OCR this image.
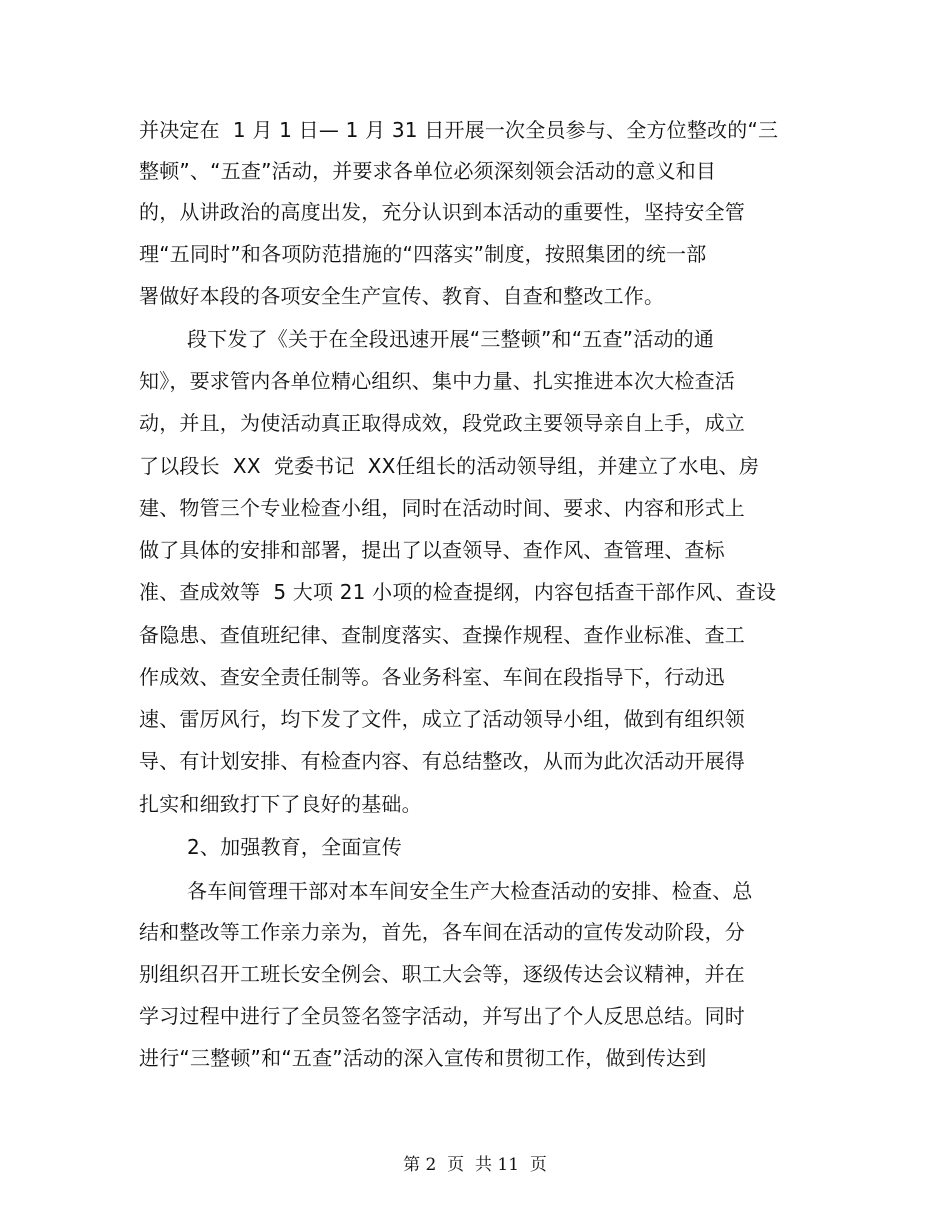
并决定在  1 月 1 日— 1 月 31 日开展一次全员参与、全方位整改的“三
整顿”、“五查”活动，并要求各单位必须深刻领会活动的意义和目
的，从讲政治的高度出发，充分认识到本活动的重要性，坚持安全管
理“五同时”和各项防范措施的“四落实”制度，按照集团的统一部
署做好本段的各项安全生产宣传、教育、自查和整改工作。
段下发了《关于在全段迅速开展“三整顿”和“五查”活动的通
知》，要求管内各单位精心组织、集中力量、扎实推进本次大检查活
动，并且，为使活动真正取得成效，段党政主要领导亲自上手，成立
了以段长  XX  党委书记  XX任组长的活动领导组，并建立了水电、房
建、物管三个专业检查小组，同时在活动时间、要求、内容和形式上
做了具体的安排和部署，提出了以查领导、查作风、查管理、查标
准、查成效等  5 大项 21 小项的检查提纲，内容包括查干部作风、查设
备隐患、查值班纪律、查制度落实、查操作规程、查作业标准、查工
作成效、查安全责任制等。各业务科室、车间在段指导下，行动迅
速、雷厉风行，均下发了文件，成立了活动领导小组，做到有组织领
导、有计划安排、有检查内容、有总结整改，从而为此次活动开展得
扎实和细致打下了良好的基础。
2、加强教育，全面宣传
各车间管理干部对本车间安全生产大检查活动的安排、检查、总
结和整改等工作亲力亲为，首先，各车间在活动的宣传发动阶段，分
别组织召开工班长安全例会、职工大会等，逐级传达会议精神，并在
学习过程中进行了全员签名签字活动，并写出了个人反思总结。同时
进行“三整顿”和“五查”活动的深入宣传和贯彻工作，做到传达到
第 2  页  共 11  页
